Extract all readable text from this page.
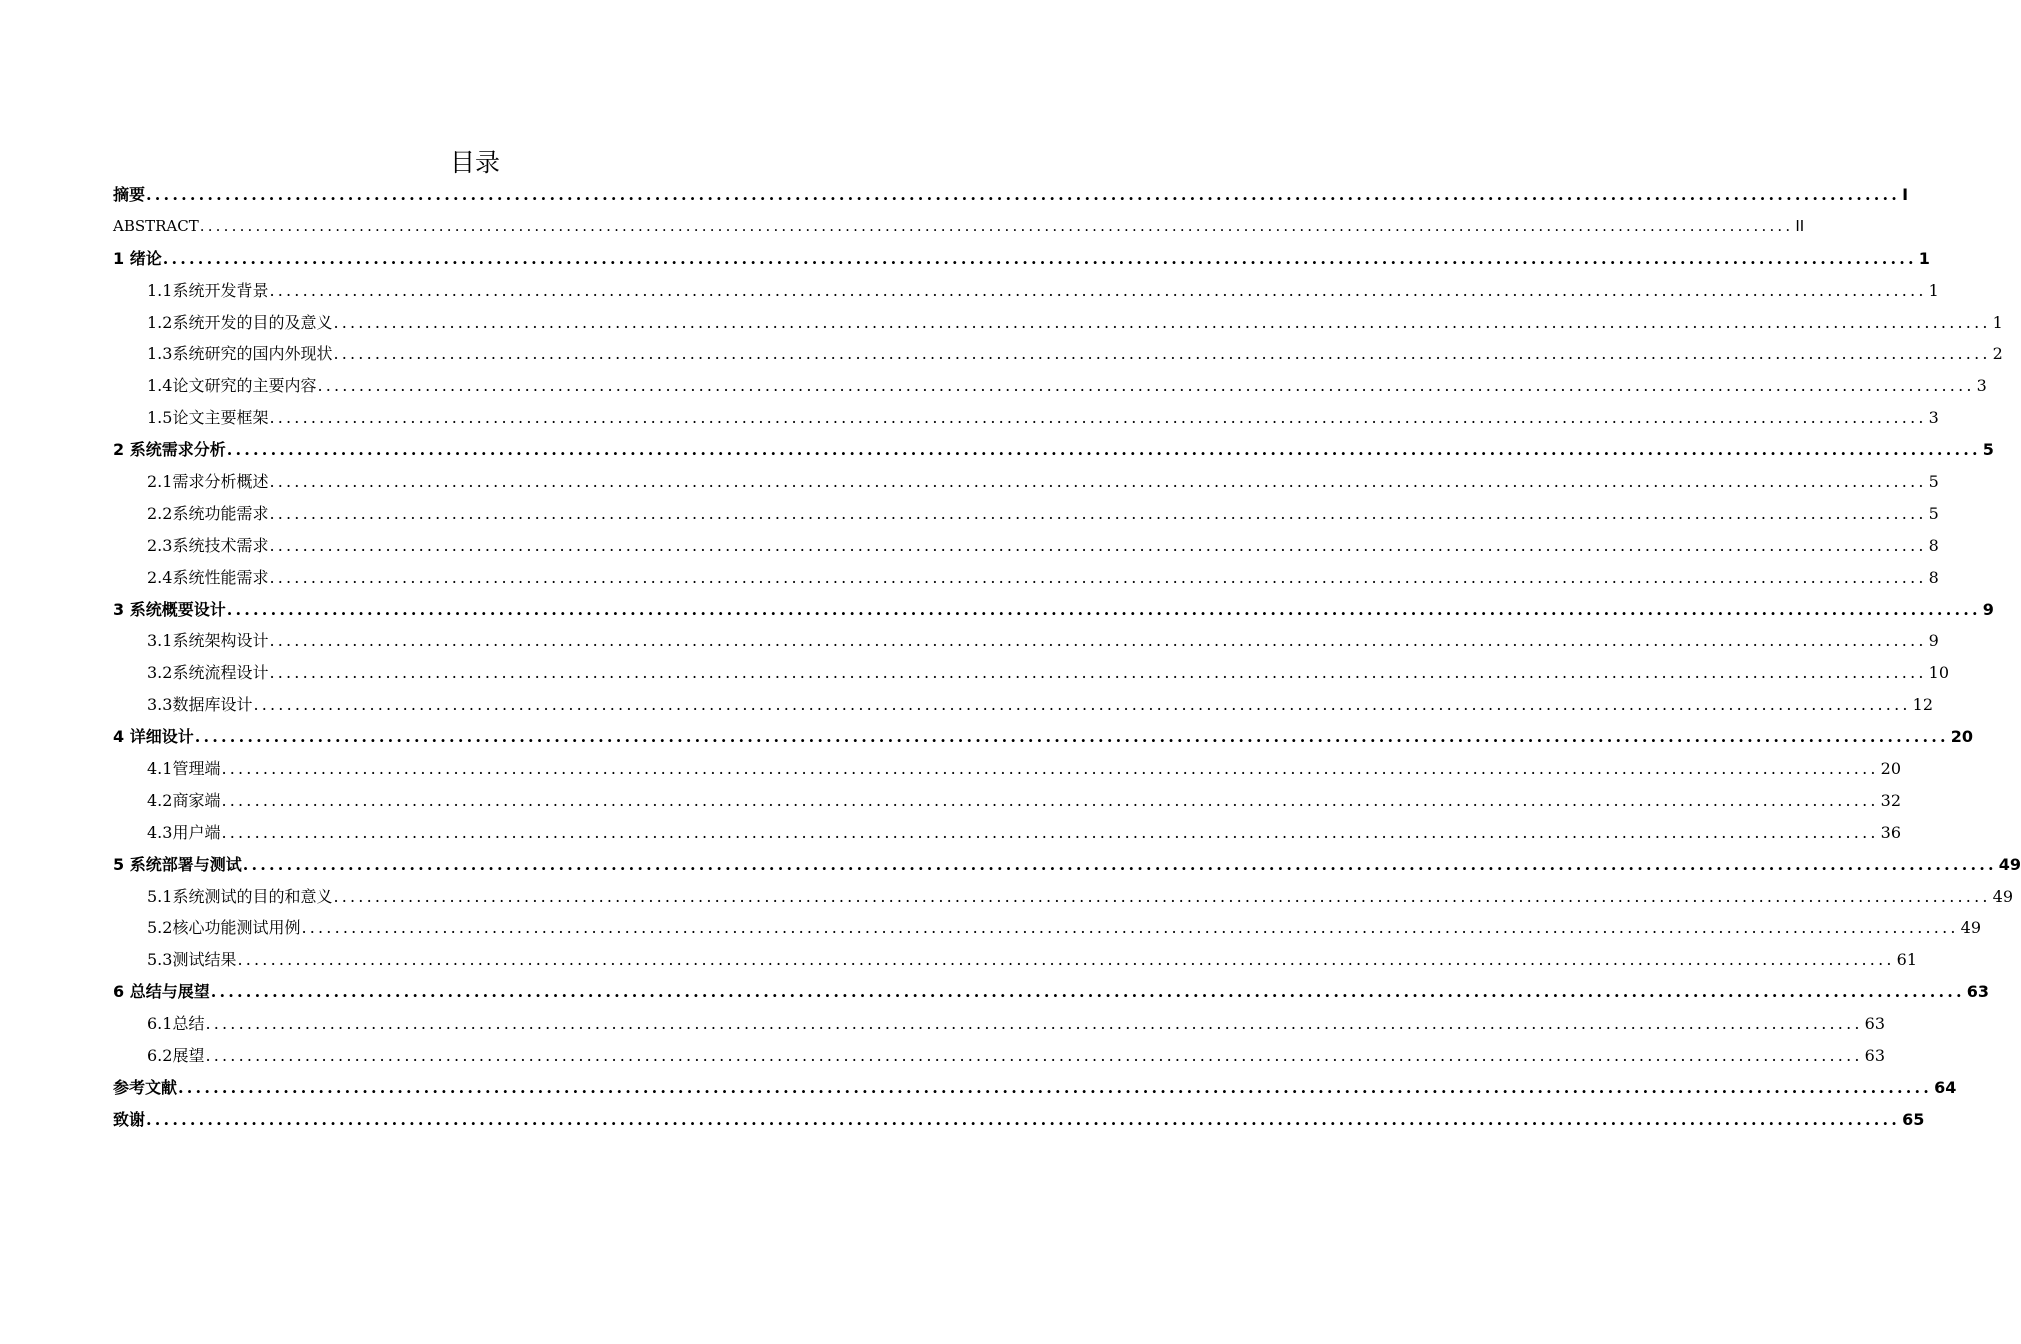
目录
摘要 ........................................................................................................................................................................................................ I
ABSTRACT ........................................................................................................................................................................................................ II
1 绪论 ........................................................................................................................................................................................................ 1
1.1系统开发背景 ........................................................................................................................................................................................................ 1
1.2系统开发的目的及意义 ........................................................................................................................................................................................................ 1
1.3系统研究的国内外现状 ........................................................................................................................................................................................................ 2
1.4论文研究的主要内容 ........................................................................................................................................................................................................ 3
1.5论文主要框架 ........................................................................................................................................................................................................ 3
2 系统需求分析 ........................................................................................................................................................................................................ 5
2.1需求分析概述 ........................................................................................................................................................................................................ 5
2.2系统功能需求 ........................................................................................................................................................................................................ 5
2.3系统技术需求 ........................................................................................................................................................................................................ 8
2.4系统性能需求 ........................................................................................................................................................................................................ 8
3 系统概要设计 ........................................................................................................................................................................................................ 9
3.1系统架构设计 ........................................................................................................................................................................................................ 9
3.2系统流程设计 ........................................................................................................................................................................................................ 10
3.3数据库设计 ........................................................................................................................................................................................................ 12
4 详细设计 ........................................................................................................................................................................................................ 20
4.1管理端 ........................................................................................................................................................................................................ 20
4.2商家端 ........................................................................................................................................................................................................ 32
4.3用户端 ........................................................................................................................................................................................................ 36
5 系统部署与测试 ........................................................................................................................................................................................................ 49
5.1系统测试的目的和意义 ........................................................................................................................................................................................................ 49
5.2核心功能测试用例 ........................................................................................................................................................................................................ 49
5.3测试结果 ........................................................................................................................................................................................................ 61
6 总结与展望 ........................................................................................................................................................................................................ 63
6.1总结 ........................................................................................................................................................................................................ 63
6.2展望 ........................................................................................................................................................................................................ 63
参考文献 ........................................................................................................................................................................................................ 64
致谢 ........................................................................................................................................................................................................ 65
